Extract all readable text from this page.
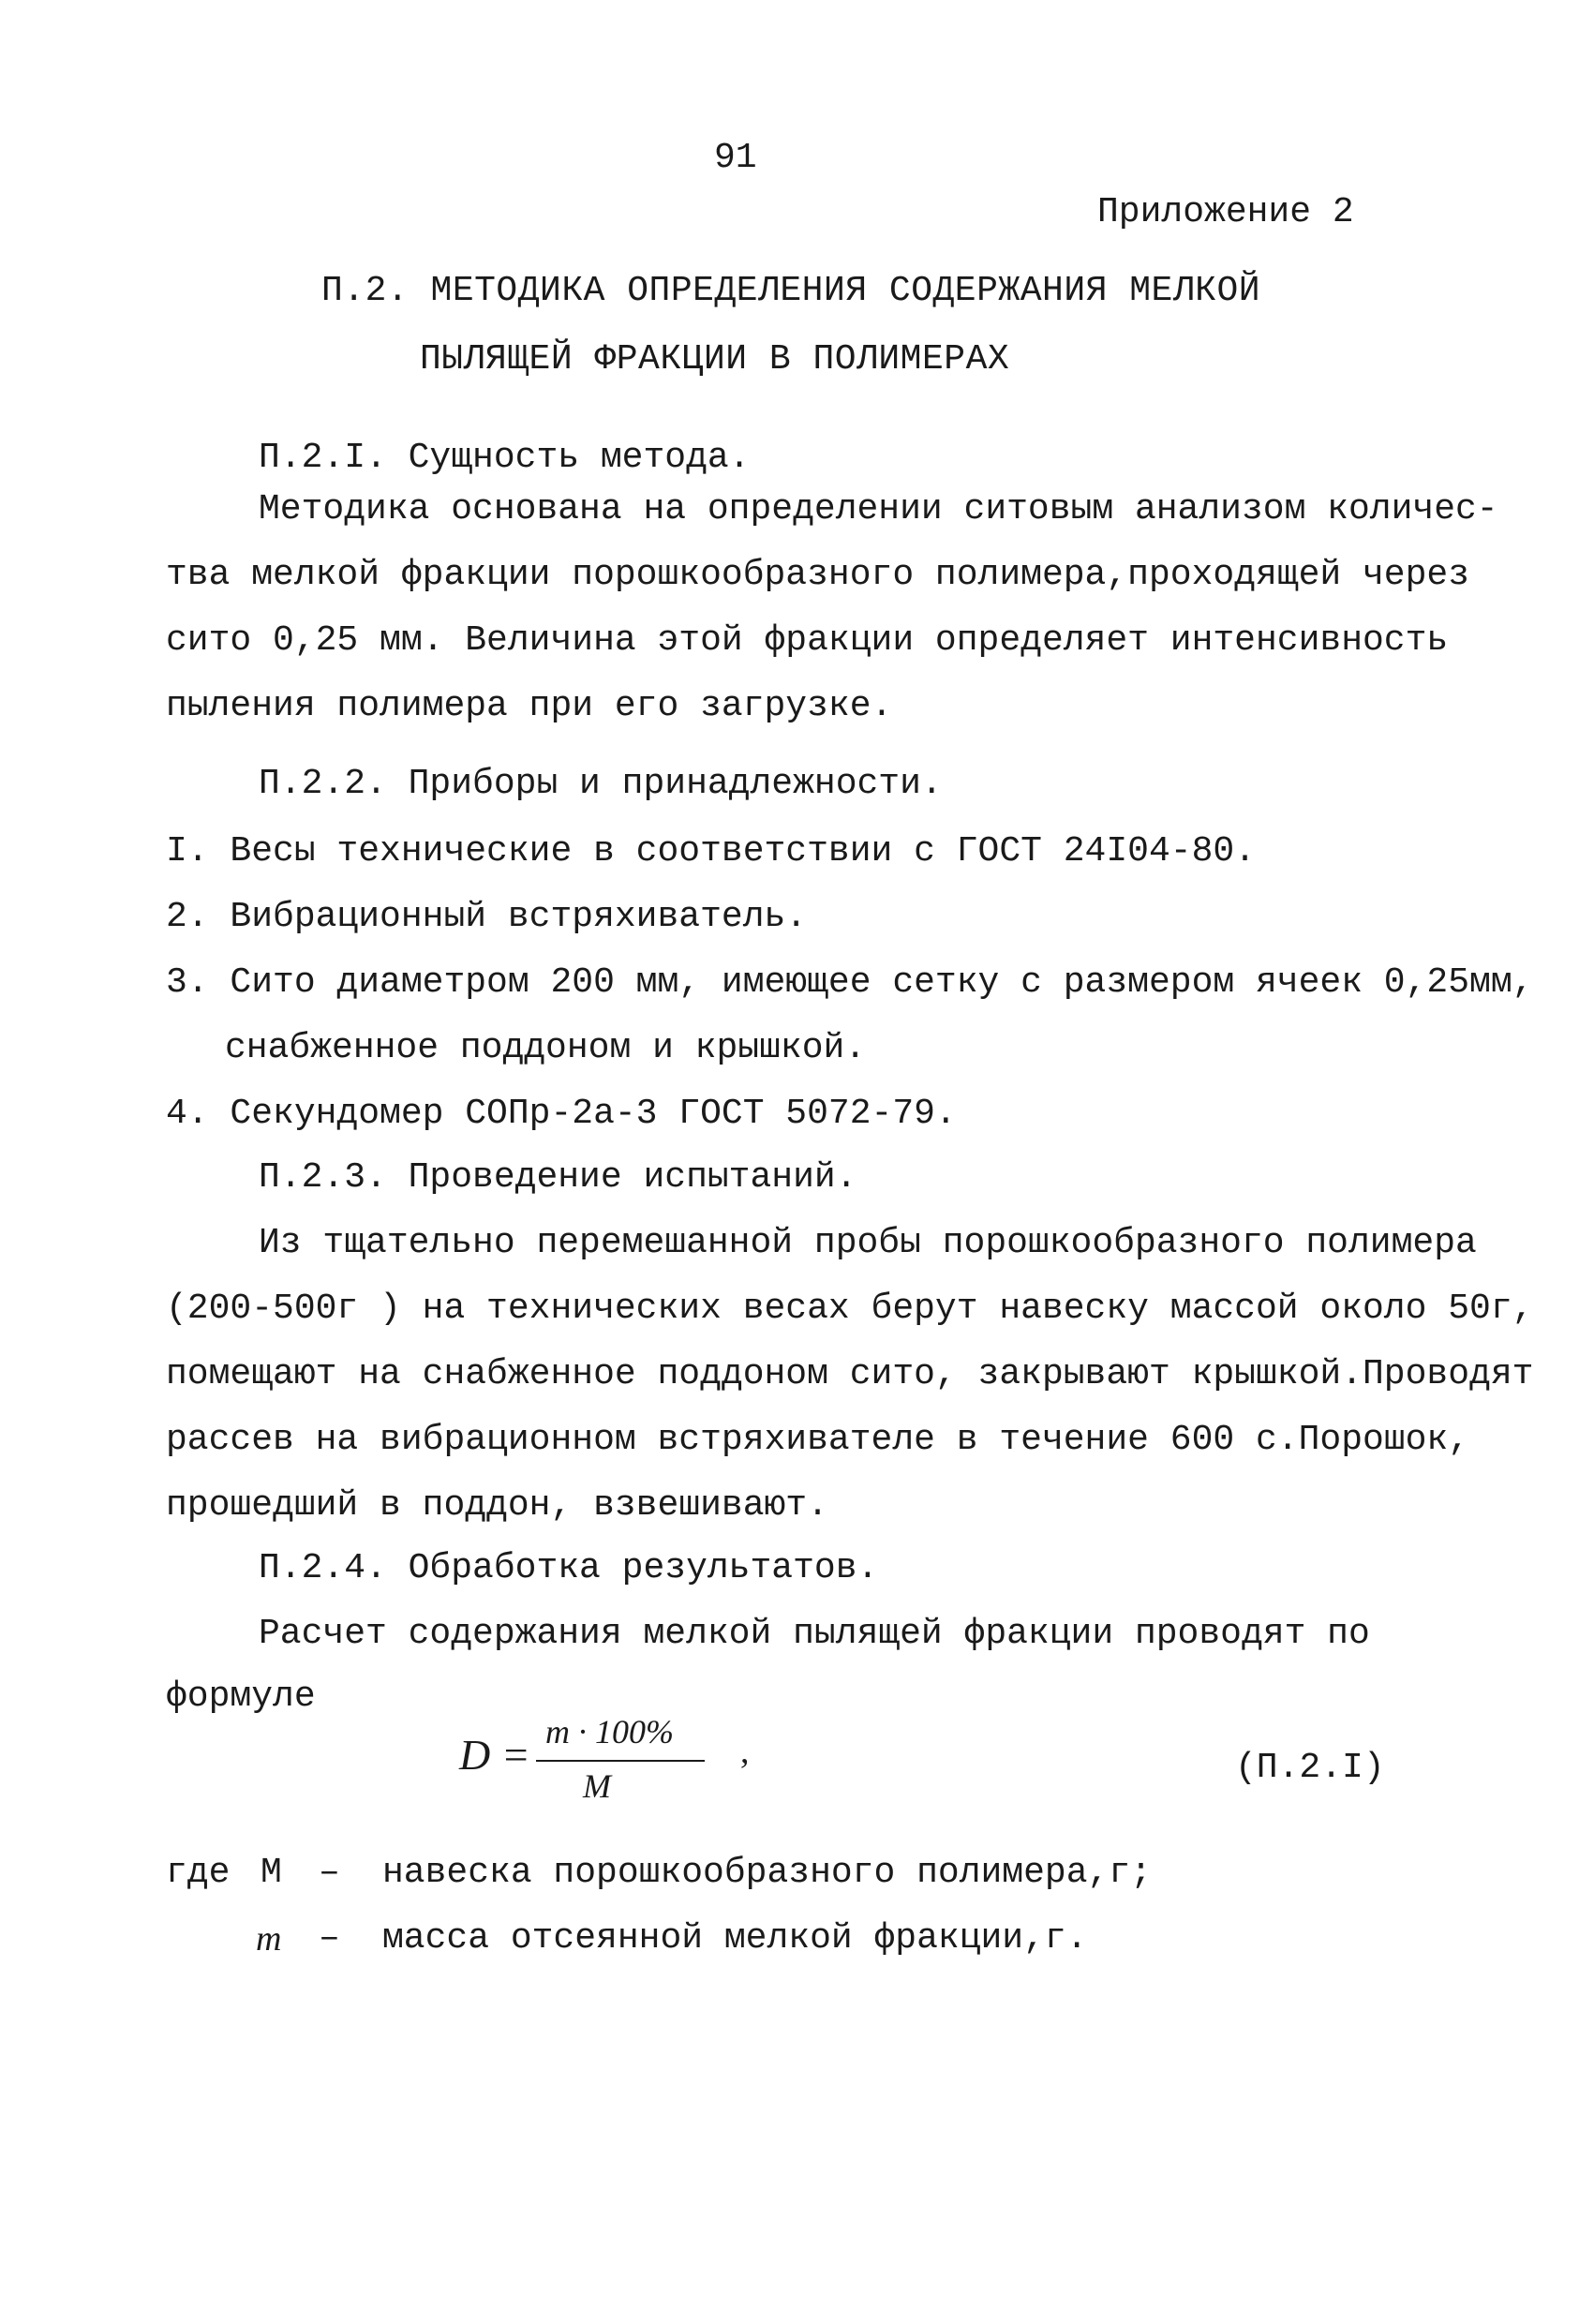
91
Приложение 2
П.2. МЕТОДИКА ОПРЕДЕЛЕНИЯ СОДЕРЖАНИЯ МЕЛКОЙ
ПЫЛЯЩЕЙ ФРАКЦИИ В ПОЛИМЕРАХ
П.2.I. Сущность метода.
Методика основана на определении ситовым анализом количес-
тва мелкой фракции порошкообразного полимера,проходящей через
сито 0,25 мм. Величина этой фракции определяет интенсивность
пыления полимера при его загрузке.
П.2.2. Приборы и принадлежности.
I. Весы технические в соответствии с ГОСТ 24I04-80.
2. Вибрационный встряхиватель.
3. Сито диаметром 200 мм, имеющее сетку с размером ячеек 0,25мм,
снабженное поддоном и крышкой.
4. Секундомер СОПр-2а-3 ГОСТ 5072-79.
П.2.3. Проведение испытаний.
Из тщательно перемешанной пробы порошкообразного полимера
(200-500г ) на технических весах берут навеску массой около 50г,
помещают на снабженное поддоном сито, закрывают крышкой.Проводят
рассев на вибрационном встряхивателе в течение 600 с.Порошок,
прошедший в поддон, взвешивают.
П.2.4. Обработка результатов.
Расчет содержания мелкой пылящей фракции проводят по
формуле
D = m · 100%
M
,	(П.2.I)
где М – навеска порошкообразного полимера,г;
m – масса отсеянной мелкой фракции,г.
